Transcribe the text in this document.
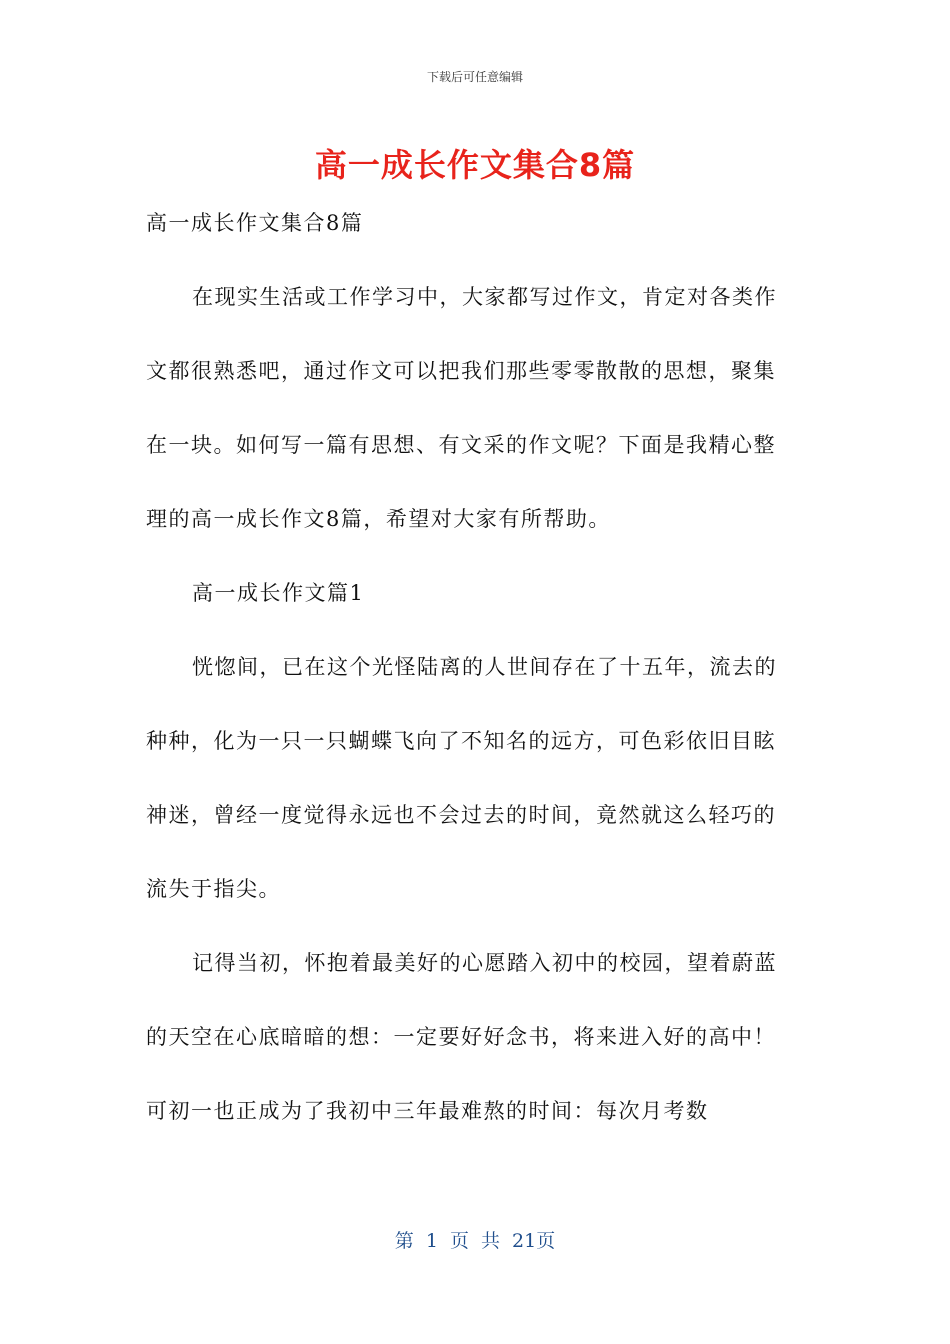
下载后可任意编辑
高一成长作文集合8篇
高一成长作文集合8篇

在现实生活或工作学习中，大家都写过作文，肯定对各类作文都很熟悉吧，通过作文可以把我们那些零零散散的思想，聚集在一块。如何写一篇有思想、有文采的作文呢？下面是我精心整理的高一成长作文8篇，希望对大家有所帮助。

高一成长作文篇1

恍惚间，已在这个光怪陆离的人世间存在了十五年，流去的种种，化为一只一只蝴蝶飞向了不知名的远方，可色彩依旧目眩神迷，曾经一度觉得永远也不会过去的时间，竟然就这么轻巧的流失于指尖。

记得当初，怀抱着最美好的心愿踏入初中的校园，望着蔚蓝的天空在心底暗暗的想：一定要好好念书，将来进入好的高中！可初一也正成为了我初中三年最难熬的时间：每次月考数

第 1 页 共 21页
